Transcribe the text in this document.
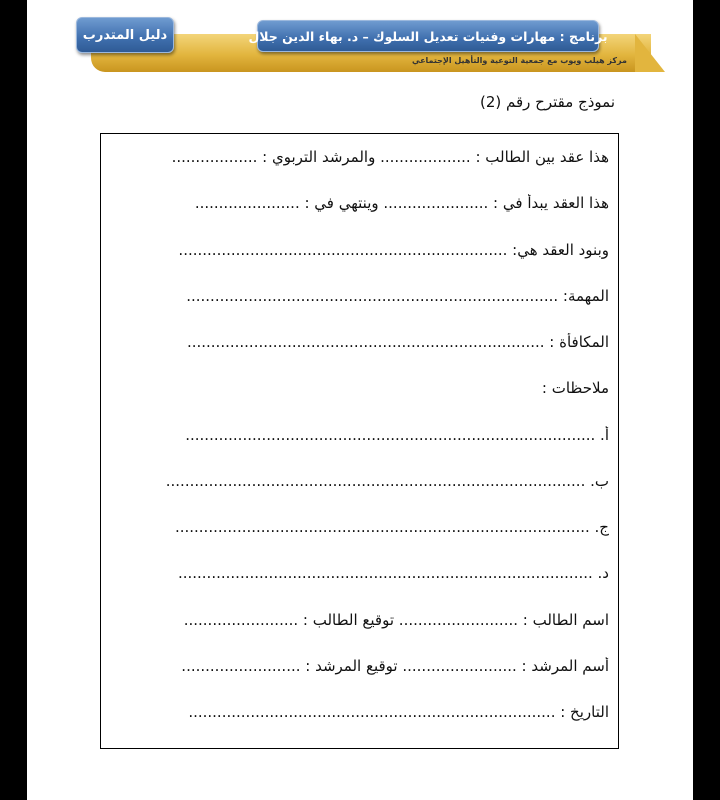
مركز هيلب ويوب مع جمعية التوعية والتأهيل الإجتماعي
برنامج : مهارات وفنيات تعديل السلوك – د. بهاء الدين جلال
دليل المتدرب
نموذج مقترح رقم (2)
هذا عقد بين الطالب : ................... والمرشد التربوي : ..................
هذا العقد يبدأ في : ...................... وينتهي في : ......................
وبنود العقد هي: .....................................................................
المهمة: ..............................................................................
المكافأة : ...........................................................................
ملاحظات :
أ. ......................................................................................
ب. ........................................................................................
ج. .......................................................................................
د. .......................................................................................
اسم الطالب : ......................... توقيع الطالب : ........................
أسم المرشد : ........................ توقيع المرشد : .........................
التاريخ : .............................................................................
